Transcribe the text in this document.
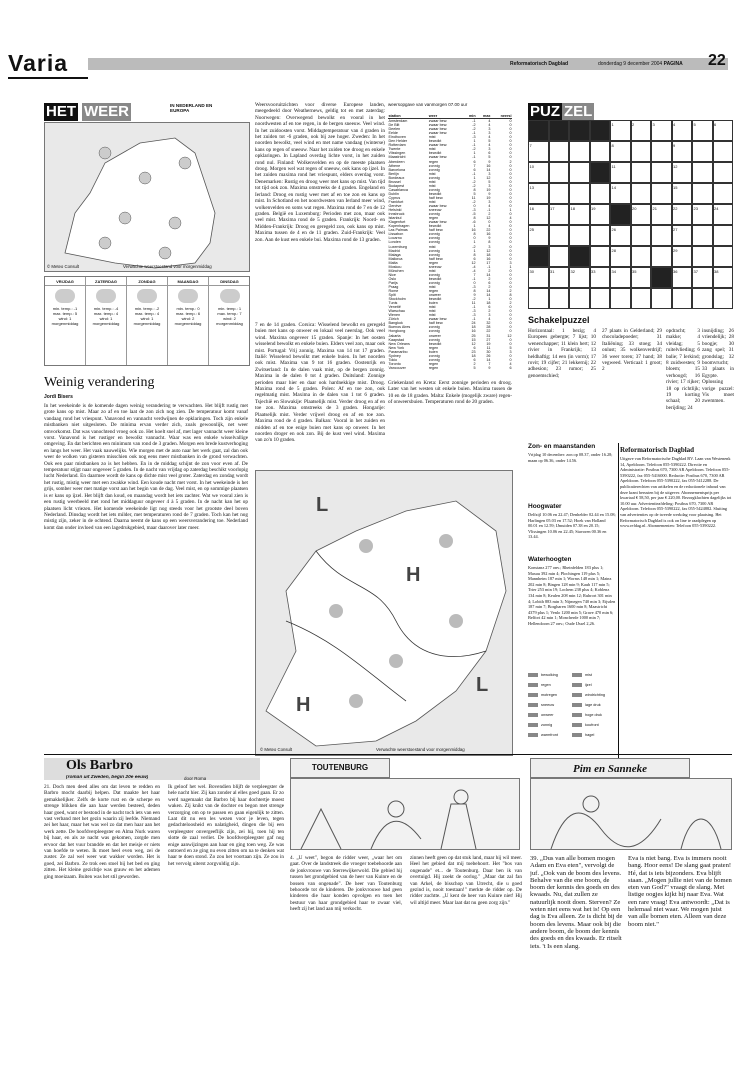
Varia	Reformatorisch Dagblad	donderdag 9 december 2004 PAGINA 22
HET WEER	IN NEDERLAND EN EUROPA
© Meteo Consult	Verwachte weerstoestand voor morgenmiddag
VRIJDAG
min. temp.: -1
max. temp.: 5
wind: 1
morgenmiddag
ZATERDAG
min. temp.: -4
max. temp.: 4
wind: 1
morgenmiddag
ZONDAG
min. temp.: -2
max. temp.: 4
wind: 1
morgenmiddag
MAANDAG
min. temp.: 0
max. temp.: 6
wind: 2
morgenmiddag
DINSDAG
min. temp.: 1
max. temp.: 7
wind: 2
morgenmiddag
Weinig verandering
Jordi Bisers
In het weekeinde is de komende dagen weinig verandering te verwachten. Het blijft rustig met grote kans op mist. Maar zo af en toe laat de zon zich nog zien. De temperatuur komt vanaf vandaag rond het vriespunt. Vanavond en vannacht verdwijnen de opklaringen. Toch zijn enkele mistbanken niet uitgesloten. De minima ervan verder zich, zoals gewoonlijk, net weer omvorkomst. Dat was vanochtend vroeg ook zo. Het koelt snel af, met lager vannacht weer kleine vorst. Vanavond is het rustiger en bewolkt vannacht. Waar was een enkele wisselvallige omgeving. En dat berichten een minimum van rond de 3 graden. Morgen een brede kustverhoging en langs het weer. Het vaak nauwelijks. Wie morgen met de auto naar het werk gaat, zal dan ook weer de wolken van gisteren misschien ook nog eens meer mistbanken in de grond verwachten. Ook een paar mistbanken zo is het hebben. En in de middag schijnt de zon voor even af. De temperatuur stijgt naar ongeveer 5 graden. In de nacht van vrijdag op zaterdag beschikt voorlopig lucht Nederland. En daarmee wordt de kans op dichte mist veel groter. Zaterdag en zondag wordt het rustig, mistig weer met een zwakke wind. Een koude nacht met vorst. In het weekeinde is het grijs, somber weer met matige vorst aan het begin van de dag. Veel mist, en op sommige plaatsen is er kans op ijzel. Het blijft dan koud, en maandag wordt het iets zachter. Wat we vooral zien is een rustig weerbeeld met rond het middaguur ongeveer 4 à 5 graden. In de nacht kan het op plaatsen licht vriezen. Het komende weekeinde ligt nog steeds voor het grootste deel boven Nederland. Dinsdag wordt het iets milder, met temperaturen rond de 7 graden. Toch kan het nog mistig zijn, zeker in de ochtend. Daarna neemt de kans op een weersverandering toe. Nederland komt dan onder invloed van een lagedrukgebied, maar daarover later meer.
Weersvooruitzichten voor diverse Europese landen, meegedeeld door Weathernews, geldig tot en met zaterdag: Noorwegen: Overwegend bewolkt en vooral in het noordwesten af en toe regen, in de bergen sneeuw. Veel wind. In het zuidoosten vorst. Middagtemperatuur van 4 graden in het zuiden tot -6 graden, ook bij zee hoger. Zweden: In het noorden bewolkt, veel wind en met name vandaag (winterse) kans op regen of sneeuw. Naar het zuiden toe droog en enkele opklaringen. In Lapland overdag lichte vorst, in het zuiden rond nul. Finland: Wolkenvelden en op de meeste plaatsen droog. Morgen wel wat regen of sneeuw, ook kans op ijzel. In het zuiden maxima rond het vriespunt, elders overdag vorst. Denemarken: Rustig en droog weer met kans op mist. Van tijd tot tijd ook zon. Maxima omstreeks de 4 graden. Engeland en Ierland: Droog en rustig weer met af en toe zon en kans op mist. In Schotland en het noordwesten van Ierland meer wind, wolkenvelden en soms wat regen. Maxima rond de 7 en de 12 graden. België en Luxemburg: Perioden met zon, maar ook veel mist. Maxima rond de 5 graden. Frankrijk: Noord- en Midden-Frankrijk: Droog en geregeld zon, ook kans op mist. Maxima tussen de 4 en de 11 graden. Zuid-Frankrijk: Veel zon. Aan de kust een enkele bui. Maxima rond de 13 graden.
weersopgave van vanmorgen 07.00 uur
station	weer	min	max	neersl
Amsterdam	zwaar bew.	-1	4	0
De Bilt	zwaar bew.	-2	4	0
Deelen	zwaar bew.	-2	3	0
Eelde	zwaar bew.	-1	3	0
Eindhoven	mist	-3	4	0
Den Helder	bewolkt	1	5	0
Rotterdam	zwaar bew.	-1	4	0
Twente	mist	-2	3	0
Vlissingen	bewolkt	1	6	0
Maastricht	zwaar bew.	-1	5	0
Aberdeen	regen	6	9	2
Athene	zonnig	7	16	0
Barcelona	zonnig	6	14	0
Berlijn	mist	-1	3	0
Bordeaux	zonnig	1	12	0
Brussel	mist	-2	5	0
Budapest	mist	-2	3	0
Casablanca	zonnig	8	19	0
Dublin	bewolkt	5	9	0
Cyprus	half bew.	11	19	0
Frankfurt	mist	-2	3	0
Genève	zwaar bew.	0	4	0
Helsinki	sneeuw	-3	-1	1
Innsbruck	zonnig	-5	2	0
Istanbul	regen	8	12	4
Klagenfurt	zwaar bew.	-6	0	0
Kopenhagen	bewolkt	1	4	0
Las Palmas	half bew.	16	22	0
Lissabon	zonnig	8	16	0
Locarno	zonnig	0	9	0
Londen	zonnig	1	8	0
Luxemburg	mist	-2	3	0
Madrid	zonnig	1	12	0
Malaga	zonnig	8	18	0
Mallorca	half bew.	6	16	0
Malta	regen	12	17	3
Moskou	sneeuw	-4	-1	1
München	mist	-4	2	0
Nice	zonnig	7	14	0
Oslo	bewolkt	-1	2	0
Parijs	zonnig	0	6	0
Praag	mist	-3	2	0
Rome	regen	8	14	2
Split	onweer	9	14	8
Stockholm	bewolkt	-2	1	0
Tunis	buien	11	18	2
Venetië	mist	-1	6	0
Warschau	mist	-3	2	0
Wenen	mist	-3	3	0
Zürich	zwaar bew.	-1	4	0
Bangkok	half bew.	24	32	0
Buenos Aires	zonnig	18	28	0
Hongkong	zonnig	16	22	0
Jakarta	onweer	25	31	12
Kaapstad	zonnig	15	27	0
New Orleans	bewolkt	12	19	0
New York	regen	6	11	5
Paramaribo	buien	23	30	3
Sydney	zonnig	18	26	0
Tokio	zonnig	6	14	0
Toronto	regen	2	7	4
Vancouver	regen	5	9	6
L
H
L
H
© Meteo Consult	Verwachte weerstoestand voor morgenmiddag
PUZ ZEL
1	2	3	4	5	6
7	8	9
10	11	12
13	14	15
16	17	18	19	20	21	22	23	24
25	26	27
28	29
30	31	32	33	34	35	36	37	38
Schakelpuzzel
Horizontaal: 1 bezig; 4 Europees gebergte; 7 lijst; 10 wenenchapper; 11 klein hert; 12 rivier in Frankrijk; 13 heldhaftig; 14 een (in vorm); 17 rovit; 19 cijfer; 21 lekkernij; 22 adhesion; 23 rumor; 25 genoemschied;
27 plaats in Gelderland; 29 chocoladepoeder; 31 Italiëning; 33 stoeg; 34 onlust; 35 wolkenverdrijf; 36 weer toren; 37 hand; 38 vegweed. Verticaal: 1 groot; 2
opdracht; 3 makke; 4 vleidag; 5 ruitelvlieding; 6 balie; 7 Ierkind; 8 zuidwesten; 9 bloem; 15 verhoogd; 16 rivier; 17 rijker; 18 op richtlijk; 19 korting schaal; 20 berijding; 24
insnijding; 26 vriendelijk; 28 boogje; 30 zang spel; 31 grondslag; 32 boomvrucht; 33 plaats in Egypte. Oplossing vorige puzzel: Vis moet zwemmen.
Zon- en maanstanden
Vrijdag 10 december: zon op 08.37, onder 16.28; maan op 06.36, onder 14.56.
Hoogwater
Delfzijl 10.06 en 22.47; Denhelder 02.44 en 15.08; Harlingen 05.03 en 17.52; Hoek van Holland 00.01 en 12.59; IJmuiden 07.38 en 20.15; Vlissingen 10.06 en 22.45; Stavoren 00.36 en 13.44.
Waterhoogten
Konstanz 277 onv.; Rheinfelden 183 plus 1; Maxau 392 min 4; Plochingen 119 plus 5; Mannheim 187 min 1; Worms 148 min 1; Mainz 202 min 8; Bingen 128 min 9; Kaub 117 min 5; Trier 253 min 19; Lochem 238 plus 4; Koblenz 134 min 8; Keulen 208 min 12; Ruhrort 301 min 4; Lobith 883 min 3; Nijmegen 740 min 3; Eijsden 187 min 7; Borgharen 1600 min 8; Maastricht 4379 plus 1; Venlo 1200 min 5; Grave 470 min 6; Belfort 42 min 1; Moncherde 1000 min 7; Hellendoorn 27 onv.; Oude IJssel 2,26.
bewolking	mist
regen	ijzel
motregen	windrichting
sneeuw	lage druk
onweer	hoge druk
zonnig	koufront
warmfront	hagel
Reformatorisch Dagblad
Uitgave van Reformatorische Dagblad BV. Laan van Westenenk 14, Apeldoorn. Telefoon 055-5390222. Directie en Administratie: Postbus 670, 7300 AR Apeldoorn. Telefoon 055-5390222, fax 055-5416000. Redactie: Postbus 670, 7300 AR Apeldoorn. Telefoon 055-5390222, fax 055-5412288. De publicatierechten van artikelen en de redactionele inhoud van deze krant berusten bij de uitgever. Abonnementsprijs per kwartaal € 58,50, per jaar € 220,00. Bezorgklachten dagelijks tot 10.00 uur. Advertentieafdeling: Postbus 670, 7300 AR Apeldoorn. Telefoon 055-5390222, fax 055-5424882. Sluiting van advertenties op de tweede werkdag voor plaatsing. Het Reformatorisch Dagblad is ook on line te raadplegen op www.refdag.nl. Abonnementen: Telefoon 055-5390222.
Ols Barbro
(roman uit Zweden, begin 20e eeuw)	door Roma
21. Doch men deed alles om dat leven te redden en Barbro mocht daarbij helpen. Dat maakte het haar gemakkelijker. Zelfs de korte rust en de scherpe en strenge blikken die aan haar werden besteed, deden haar goed, want er bestond in de nacht toch iets van een vast verband met het gezin waarin zij leefde. Niemand zei het haar, maar het was wel zo dat men haar aan het werk zette. De hoofdverpleegster en Alma Nurk waren bij haar, en als ze nacht was gekomen, zorgde men ervoor dat het vuur brandde en dat het meisje er niets van hoefde te weten. Ik moet heel even weg, zei de zuster. Ze zal wel weer wat wakker worden. Het is goed, zei Barbro. Ze trok een stoel bij het bed en ging zitten. Het kleine gezichtje was grauw en het ademen ging moeizaam. Buiten was het stil geworden.
Ik geloof het wel. Bovendien blijft de verpleegster de hele nacht hier. Zij kan zonder al elles goed gaan. Er zo werd nagemaakt dat Barbro bij haar dochtertje moest waken. Zij knikt van de dochter en begon met strenge verzorging om op te passen en gaan eigenlijk te zitten. Laat dit nu een les wezen voor je leven, tegen gedachteloosheid en nalatigheid, dingen die bij een verpleegster onvergeeflijk zijn, zei hij, toen hij ten slotte de zaal verliet. De hoofdverpleegster gaf nog enige aanwijzingen aan haar en ging toen weg. Ze was ontroerd en ze ging nu even zitten om na te denken wat haar te doen stond. Zo zou het voortaan zijn. Ze zou in het vervolg uiterst zorgvuldig zijn.
TOUTENBURG
4. „U weet", begon de ridder weer, „waar het om gaat. Over de landstreek die vroeger toebehoorde aan de jonkvrouwe van Sterrewijkerwold. Die gebied hij tussen het grondgebied van de heer van Kuinre en de bossen van ongenade". De heer van Toutenburg behoorde tot de kinderen. De jonkvrouwe had geen kinderen die haar konden opvolgen en toen het bestuur van haar grondgebied haar te zwaar viel, heeft zij het land aan mij verkocht.
zinnen heeft geen op dat stuk land, maar hij wil meer. Heel het gebied dat mij toebehoort. Het "bos van ongenade" et... de Toutenburg. Daar ben ik van overtuigd. Hij zoekt de oorlog." „Maar dat zal fan van Arkel, de bisschop van Utrecht, die u goed gezind is, nooit toestaan!" merkte de ridder op. De ridder zuchtte. „U kent de heer van Kuinre niet! Hij wil altijd meer. Maar laat dat nu geen zorg zijn."
Pim en Sanneke
39. „Dus van alle bomen mogen Adam en Eva eten", vervolgt de juf. „Ook van de boom des levens. Behalve van die ene boom, de boom der kennis des goeds en des kwaads. Nu, dat zullen ze natuurlijk nooit doen. Sterven? Ze weten niet eens wat het is! Op een dag is Eva alleen. Ze is dicht bij de boom des levens. Maar ook bij die andere boom, de boom der kennis des goeds en des kwaads. Er ritselt iets. 't Is een slang.
Eva is niet bang. Eva is immers nooit bang. Hoor eens! De slang gaat praten! Hé, dat is iets bijzonders. Eva blijft staan. „Mogen jullie niet van de bomen eten van God?" vraagt de slang. Met listige oogjes kijkt hij naar Eva. Wat een rare vraag! Eva antwoordt: „Dat is helemaal niet waar. We mogen juist van alle bomen eten. Alleen van deze boom niet."
Griekenland en Kreta: Eerst zonnige perioden en droog. Later van het westen uit enkele buien. Maxima tussen de 10 en de 18 graden. Malta: Enkele (mogelijk zware) regen- of onweersbuien. Temperaturen rond de 20 graden.
7 en de 14 graden. Corsica: Wisselend bewolkt en geregeld buien met kans op onweer en lokaal veel neerslag. Ook veel wind. Maxima ongeveer 15 graden. Spanje: In het oosten wisselend bewolkt en enkele buien. Elders veel zon, maar ook mist. Portugal: Vrij zonnig. Maxima van 14 tot 17 graden. Italië: Wisselend bewolkt met enkele buien. In het noorden ook mist. Maxima van 9 tot 16 graden. Oostenrijk en Zwitserland: In de dalen vaak mist, op de bergen zonnig. Maxima in de dalen 0 tot 4 graden. Duitsland: Zonnige perioden maar hier en daar ook hardnekkige mist. Droog. Maxima rond de 5 graden. Polen: Af en toe zon, ook regelmatig mist. Maxima in de dalen van 1 tot 6 graden. Tsjechië en Slowakije: Plaatselijk mist. Verder droog en af en toe zon. Maxima omstreeks de 3 graden. Hongarije: Plaatselijk mist. Verder vrijwel droog en af en toe zon. Maxima rond de 4 graden. Balkan: Vooral in het zuiden en midden af en toe enige buien met kans op onweer. In het noorden droger en ook zon. Bij de kust veel wind. Maxima van zo'n 10 graden.
